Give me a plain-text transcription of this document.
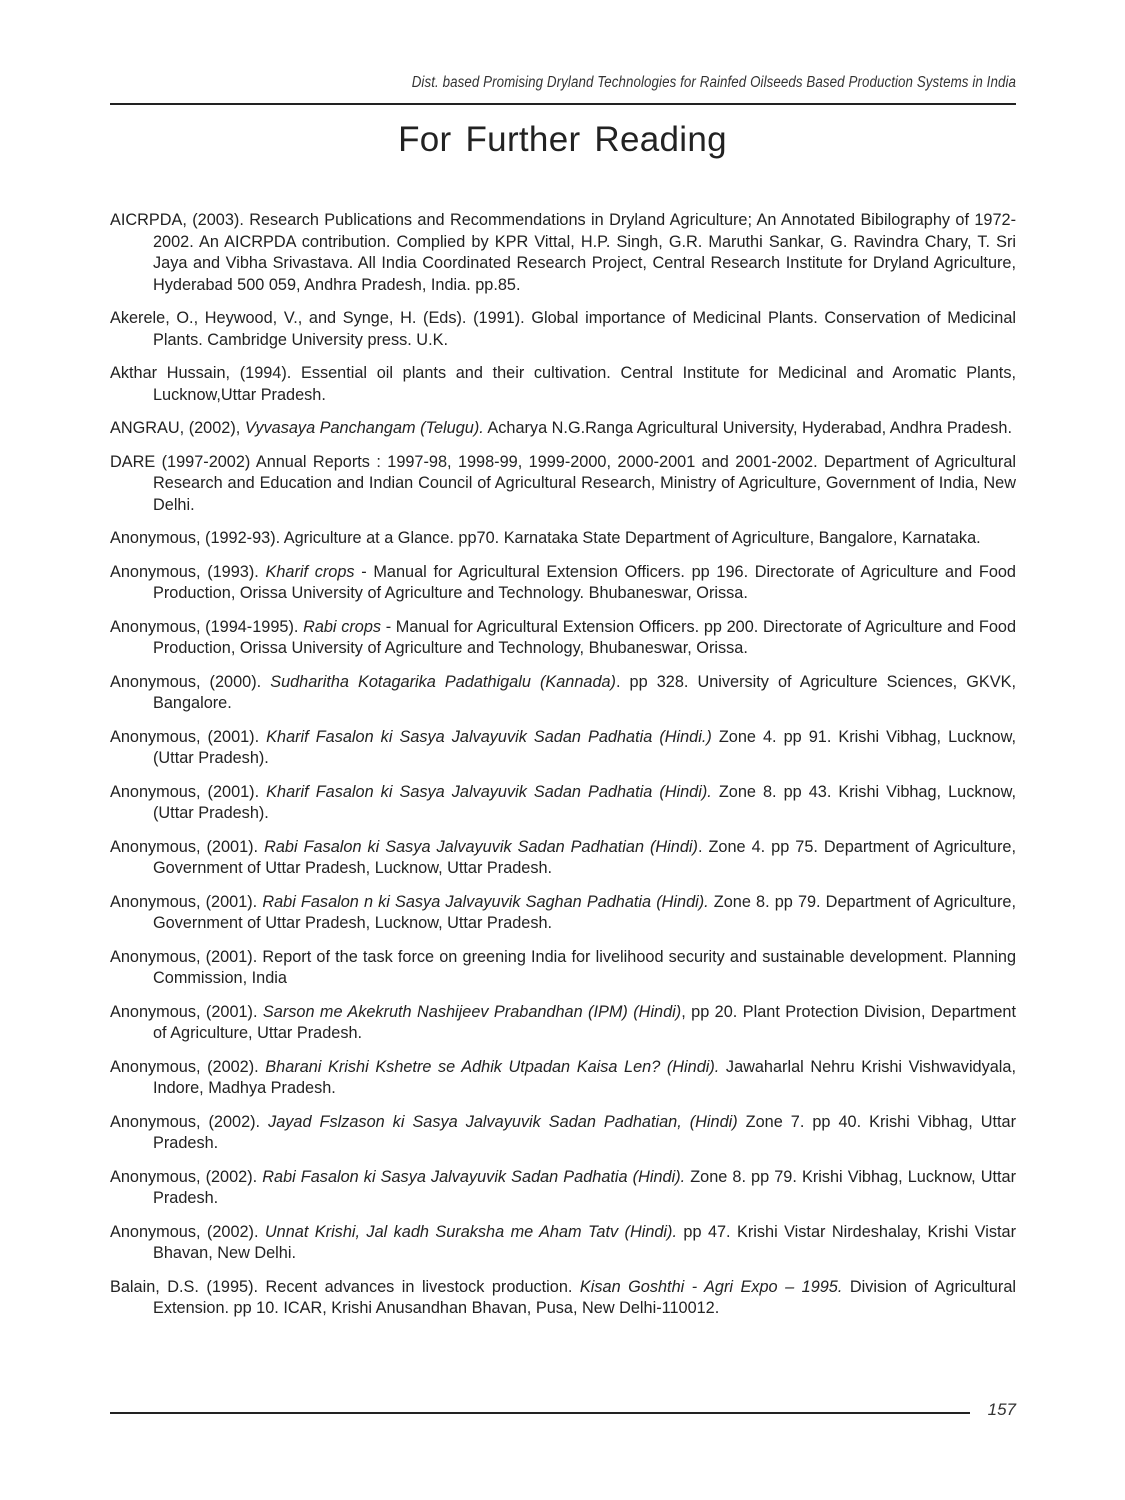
Dist. based Promising Dryland Technologies for Rainfed Oilseeds Based Production Systems in India
For Further Reading

AICRPDA, (2003). Research Publications and Recommendations in Dryland Agriculture; An Annotated Bibilography of 1972-2002. An AICRPDA contribution. Complied by KPR Vittal, H.P. Singh, G.R. Maruthi Sankar, G. Ravindra Chary, T. Sri Jaya and Vibha Srivastava. All India Coordinated Research Project, Central Research Institute for Dryland Agriculture, Hyderabad 500 059, Andhra Pradesh, India. pp.85.

Akerele, O., Heywood, V., and Synge, H. (Eds). (1991). Global importance of Medicinal Plants. Conservation of Medicinal Plants. Cambridge University press. U.K.

Akthar Hussain, (1994). Essential oil plants and their cultivation. Central Institute for Medicinal and Aromatic Plants, Lucknow,Uttar Pradesh.

ANGRAU, (2002), Vyvasaya Panchangam (Telugu). Acharya N.G.Ranga Agricultural University, Hyderabad, Andhra Pradesh.

DARE (1997-2002) Annual Reports : 1997-98, 1998-99, 1999-2000, 2000-2001 and 2001-2002. Department of Agricultural Research and Education and Indian Council of Agricultural Research, Ministry of Agriculture, Government of India, New Delhi.

Anonymous, (1992-93). Agriculture at a Glance. pp70. Karnataka State Department of Agriculture, Bangalore, Karnataka.

Anonymous, (1993). Kharif crops - Manual for Agricultural Extension Officers. pp 196. Directorate of Agriculture and Food Production, Orissa University of Agriculture and Technology. Bhubaneswar, Orissa.

Anonymous, (1994-1995). Rabi crops - Manual for Agricultural Extension Officers. pp 200. Directorate of Agriculture and Food Production, Orissa University of Agriculture and Technology, Bhubaneswar, Orissa.

Anonymous, (2000). Sudharitha Kotagarika Padathigalu (Kannada). pp 328. University of Agriculture Sciences, GKVK, Bangalore.

Anonymous, (2001). Kharif Fasalon ki Sasya Jalvayuvik Sadan Padhatia (Hindi.) Zone 4. pp 91. Krishi Vibhag, Lucknow, (Uttar Pradesh).

Anonymous, (2001). Kharif Fasalon ki Sasya Jalvayuvik Sadan Padhatia (Hindi). Zone 8. pp 43. Krishi Vibhag, Lucknow, (Uttar Pradesh).

Anonymous, (2001). Rabi Fasalon ki Sasya Jalvayuvik Sadan Padhatian (Hindi). Zone 4. pp 75. Department of Agriculture, Government of Uttar Pradesh, Lucknow, Uttar Pradesh.

Anonymous, (2001). Rabi Fasalon n ki Sasya Jalvayuvik Saghan Padhatia (Hindi). Zone 8. pp 79. Department of Agriculture, Government of Uttar Pradesh, Lucknow, Uttar Pradesh.

Anonymous, (2001). Report of the task force on greening India for livelihood security and sustainable development. Planning Commission, India

Anonymous, (2001). Sarson me Akekruth Nashijeev Prabandhan (IPM) (Hindi), pp 20. Plant Protection Division, Department of Agriculture, Uttar Pradesh.

Anonymous, (2002). Bharani Krishi Kshetre se Adhik Utpadan Kaisa Len? (Hindi). Jawaharlal Nehru Krishi Vishwavidyala, Indore, Madhya Pradesh.

Anonymous, (2002). Jayad Fslzason ki Sasya Jalvayuvik Sadan Padhatian, (Hindi) Zone 7. pp 40. Krishi Vibhag, Uttar Pradesh.

Anonymous, (2002). Rabi Fasalon ki Sasya Jalvayuvik Sadan Padhatia (Hindi). Zone 8. pp 79. Krishi Vibhag, Lucknow, Uttar Pradesh.

Anonymous, (2002). Unnat Krishi, Jal kadh Suraksha me Aham Tatv (Hindi). pp 47. Krishi Vistar Nirdeshalay, Krishi Vistar Bhavan, New Delhi.

Balain, D.S. (1995). Recent advances in livestock production. Kisan Goshthi - Agri Expo – 1995. Division of Agricultural Extension. pp 10. ICAR, Krishi Anusandhan Bhavan, Pusa, New Delhi-110012.

157
